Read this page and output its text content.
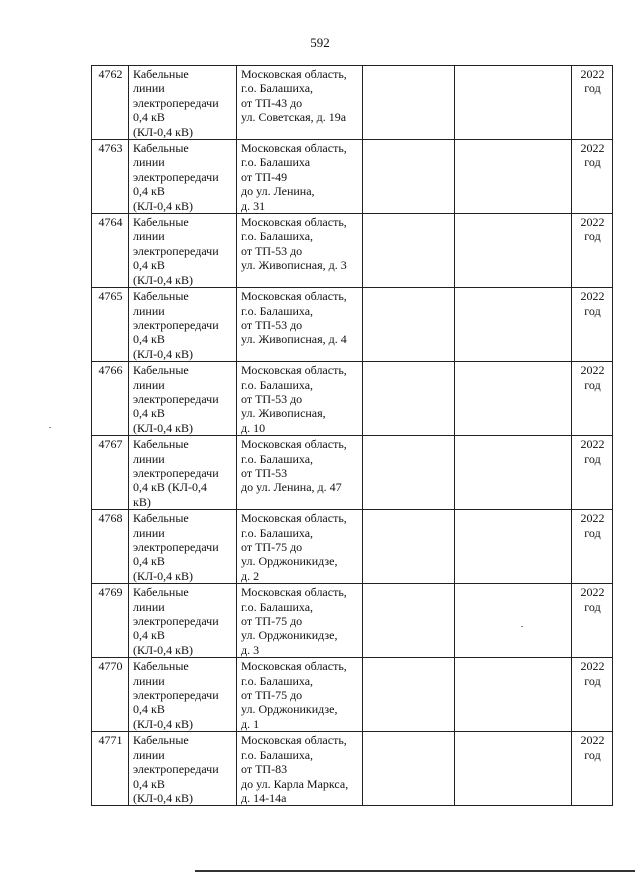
592
4762	Кабельные
линии
электропередачи
0,4 кВ
(КЛ-0,4 кВ)	Московская область,
г.о. Балашиха,
от ТП-43 до
ул. Советская, д. 19а			2022
год

4763	Кабельные
линии
электропередачи
0,4 кВ
(КЛ-0,4 кВ)	Московская область,
г.о. Балашиха
от ТП-49
до ул. Ленина,
д. 31			2022
год

4764	Кабельные
линии
электропередачи
0,4 кВ
(КЛ-0,4 кВ)	Московская область,
г.о. Балашиха,
от ТП-53 до
ул. Живописная, д. 3			2022
год

4765	Кабельные
линии
электропередачи
0,4 кВ
(КЛ-0,4 кВ)	Московская область,
г.о. Балашиха,
от ТП-53 до
ул. Живописная, д. 4			2022
год

4766	Кабельные
линии
электропередачи
0,4 кВ
(КЛ-0,4 кВ)	Московская область,
г.о. Балашиха,
от ТП-53 до
ул. Живописная,
д. 10			2022
год

4767	Кабельные
линии
электропередачи
0,4 кВ (КЛ-0,4
кВ)	Московская область,
г.о. Балашиха,
от ТП-53
до ул. Ленина, д. 47			2022
год

4768	Кабельные
линии
электропередачи
0,4 кВ
(КЛ-0,4 кВ)	Московская область,
г.о. Балашиха,
от ТП-75 до
ул. Орджоникидзе,
д. 2			2022
год

4769	Кабельные
линии
электропередачи
0,4 кВ
(КЛ-0,4 кВ)	Московская область,
г.о. Балашиха,
от ТП-75 до
ул. Орджоникидзе,
д. 3			2022
год

4770	Кабельные
линии
электропередачи
0,4 кВ
(КЛ-0,4 кВ)	Московская область,
г.о. Балашиха,
от ТП-75 до
ул. Орджоникидзе,
д. 1			2022
год

4771	Кабельные
линии
электропередачи
0,4 кВ
(КЛ-0,4 кВ)	Московская область,
г.о. Балашиха,
от ТП-83
до ул. Карла Маркса,
д. 14-14а			2022
год
